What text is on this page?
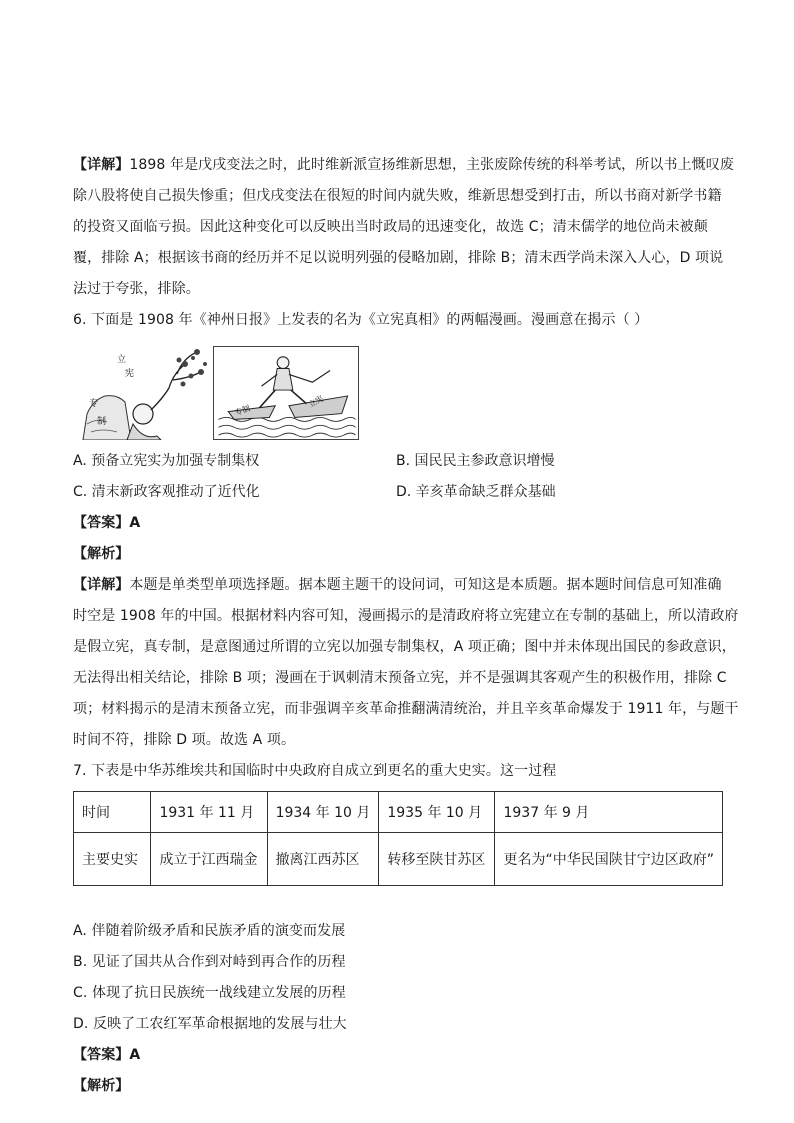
【详解】1898 年是戊戌变法之时，此时维新派宣扬维新思想，主张废除传统的科举考试，所以书上慨叹废
除八股将使自己损失惨重；但戊戌变法在很短的时间内就失败，维新思想受到打击，所以书商对新学书籍
的投资又面临亏损。因此这种变化可以反映出当时政局的迅速变化，故选 C；清末儒学的地位尚未被颠
覆，排除 A；根据该书商的经历并不足以说明列强的侵略加剧，排除 B；清末西学尚未深入人心，D 项说
法过于夸张，排除。
6. 下面是 1908 年《神州日报》上发表的名为《立宪真相》的两幅漫画。漫画意在揭示（ ）
立
宪
专
制
专制
立宪
A. 预备立宪实为加强专制集权	B. 国民民主参政意识增慢
C. 清末新政客观推动了近代化	D. 辛亥革命缺乏群众基础
【答案】A
【解析】
【详解】本题是单类型单项选择题。据本题主题干的设问词，可知这是本质题。据本题时间信息可知准确
时空是 1908 年的中国。根据材料内容可知，漫画揭示的是清政府将立宪建立在专制的基础上，所以清政府
是假立宪，真专制，是意图通过所谓的立宪以加强专制集权，A 项正确；图中并未体现出国民的参政意识，
无法得出相关结论，排除 B 项；漫画在于讽刺清末预备立宪，并不是强调其客观产生的积极作用，排除 C
项；材料揭示的是清末预备立宪，而非强调辛亥革命推翻满清统治，并且辛亥革命爆发于 1911 年，与题干
时间不符，排除 D 项。故选 A 项。
7. 下表是中华苏维埃共和国临时中央政府自成立到更名的重大史实。这一过程
时间	1931 年 11 月	1934 年 10 月	1935 年 10 月	1937 年 9 月
主要史实	成立于江西瑞金	撤离江西苏区	转移至陕甘苏区	更名为“中华民国陕甘宁边区政府”
A. 伴随着阶级矛盾和民族矛盾的演变而发展
B. 见证了国共从合作到对峙到再合作的历程
C. 体现了抗日民族统一战线建立发展的历程
D. 反映了工农红军革命根据地的发展与壮大
【答案】A
【解析】
